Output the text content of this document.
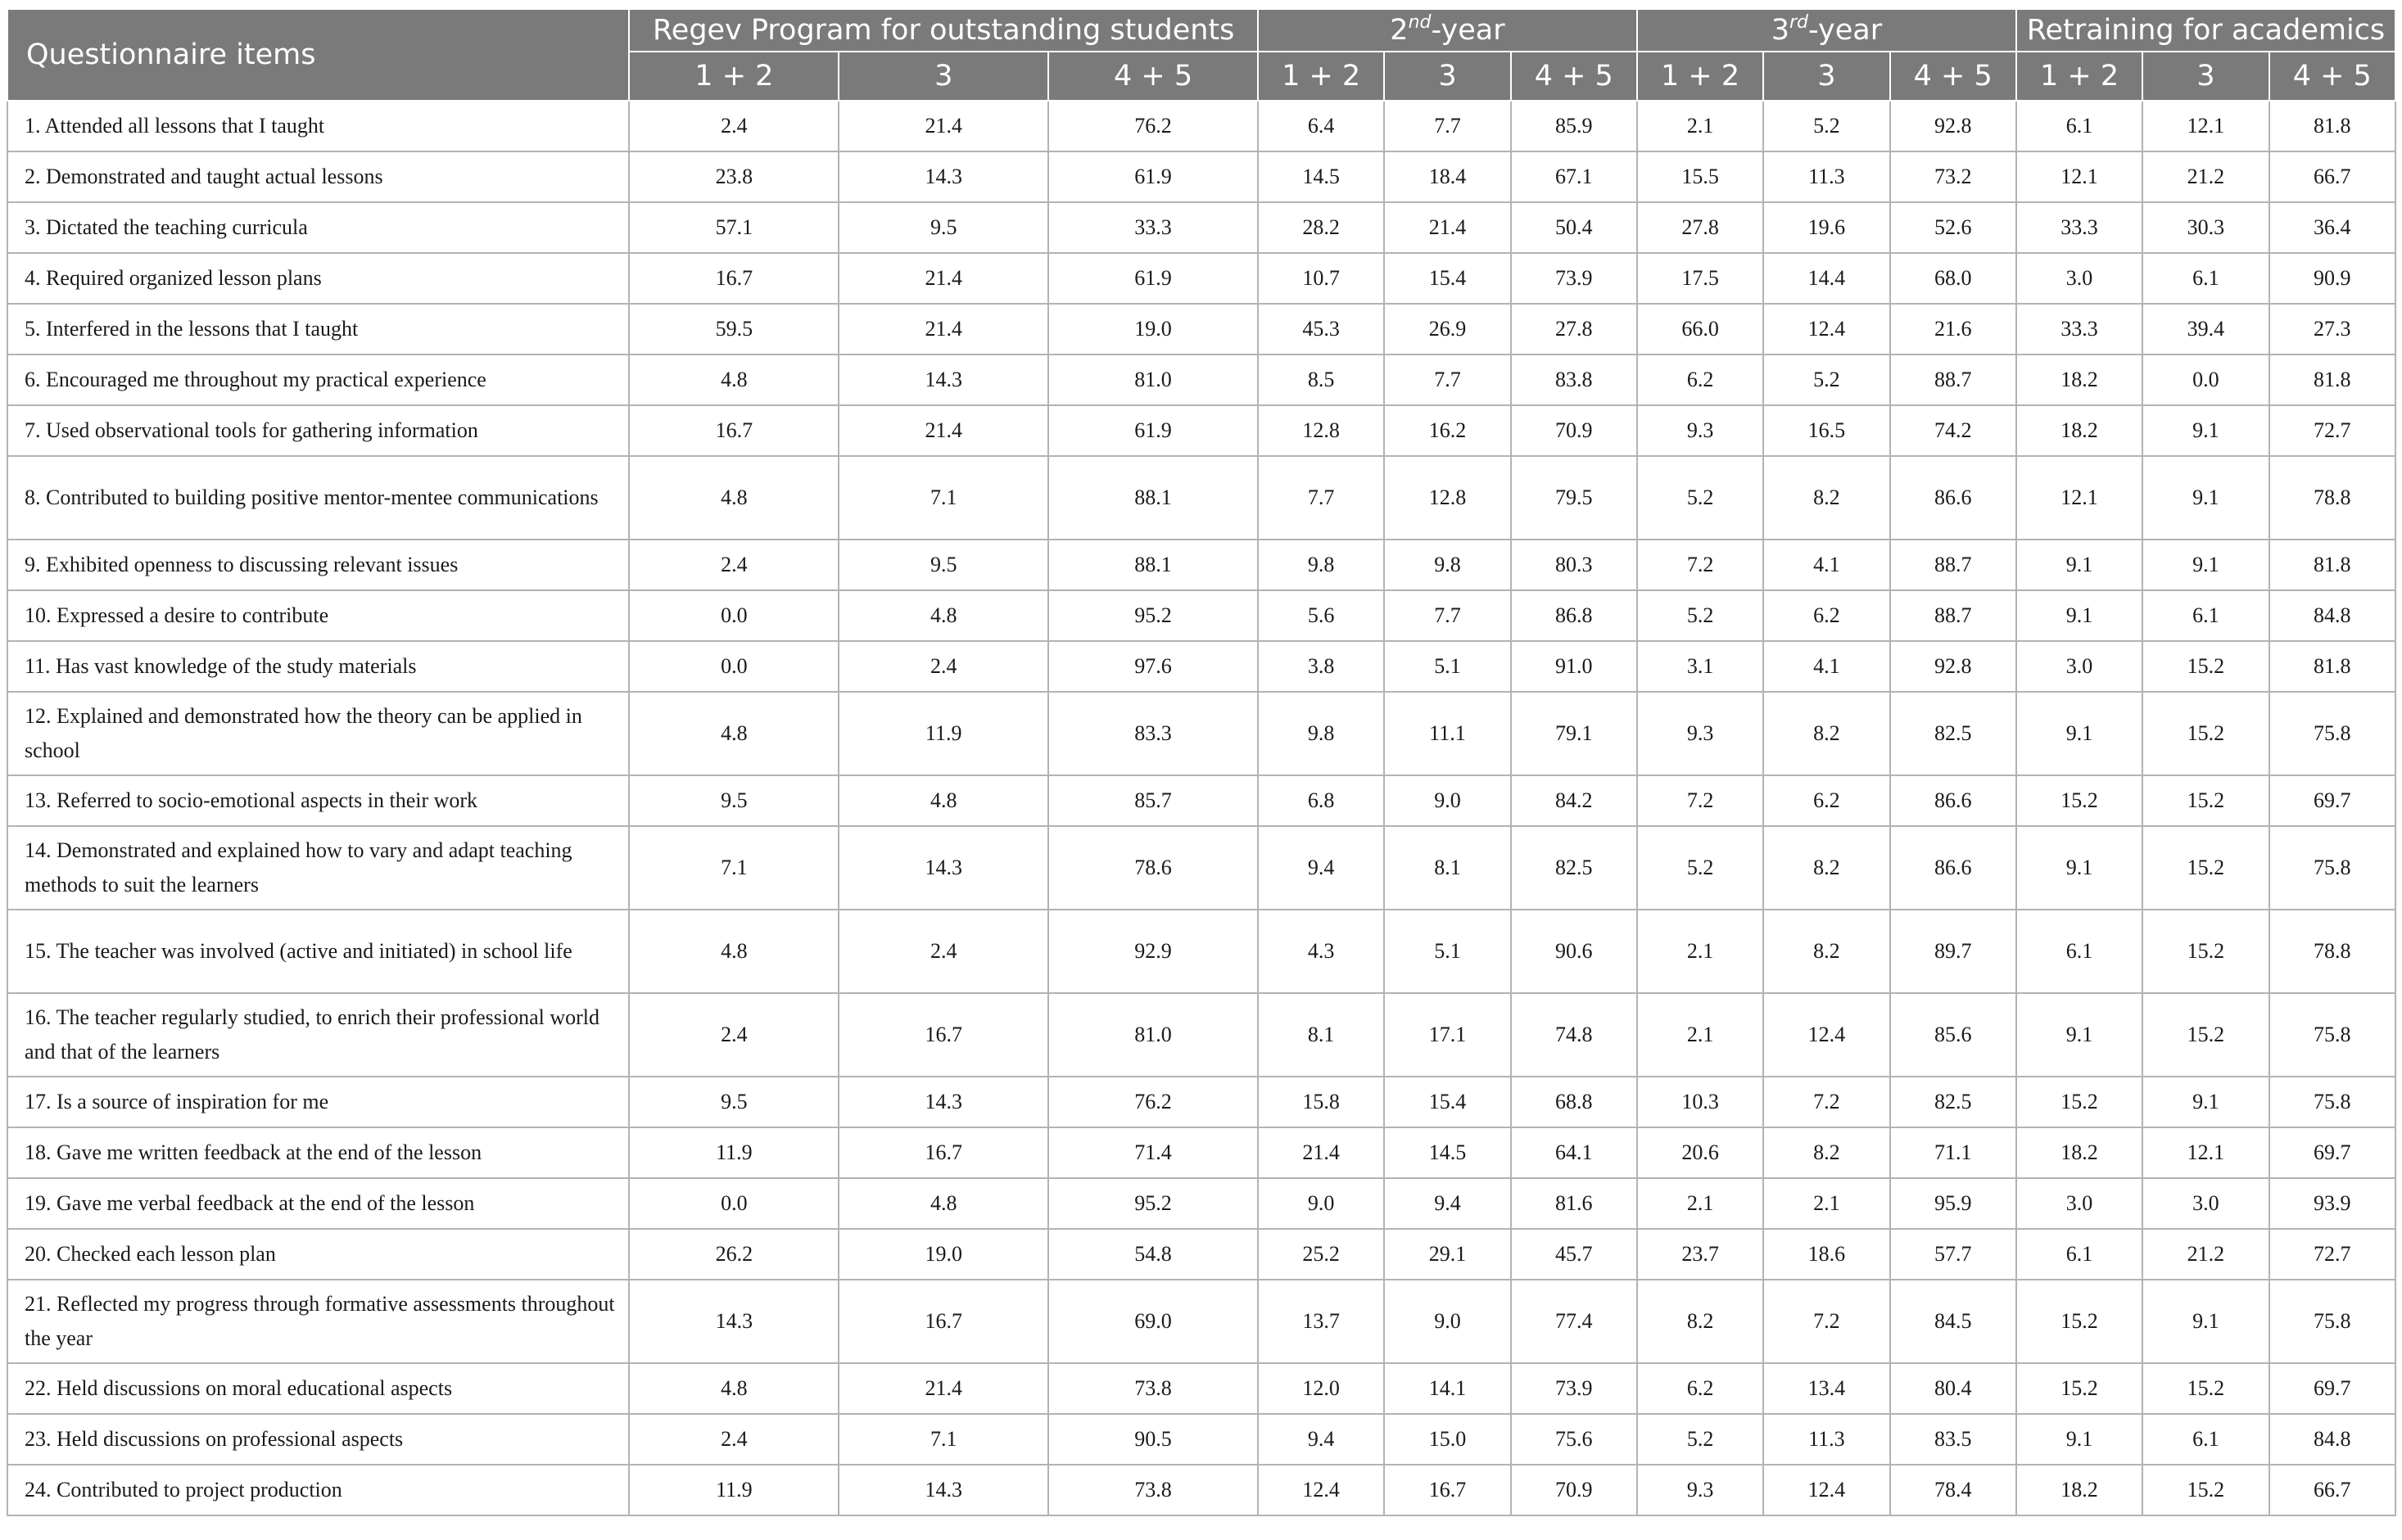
Questionnaire items	Regev Program for outstanding students			2nd-year			3rd-year			Retraining for academics		
	1 + 2	3	4 + 5	1 + 2	3	4 + 5	1 + 2	3	4 + 5	1 + 2	3	4 + 5
1. Attended all lessons that I taught	2.4	21.4	76.2	6.4	7.7	85.9	2.1	5.2	92.8	6.1	12.1	81.8
2. Demonstrated and taught actual lessons	23.8	14.3	61.9	14.5	18.4	67.1	15.5	11.3	73.2	12.1	21.2	66.7
3. Dictated the teaching curricula	57.1	9.5	33.3	28.2	21.4	50.4	27.8	19.6	52.6	33.3	30.3	36.4
4. Required organized lesson plans	16.7	21.4	61.9	10.7	15.4	73.9	17.5	14.4	68.0	3.0	6.1	90.9
5. Interfered in the lessons that I taught	59.5	21.4	19.0	45.3	26.9	27.8	66.0	12.4	21.6	33.3	39.4	27.3
6. Encouraged me throughout my practical experience	4.8	14.3	81.0	8.5	7.7	83.8	6.2	5.2	88.7	18.2	0.0	81.8
7. Used observational tools for gathering information	16.7	21.4	61.9	12.8	16.2	70.9	9.3	16.5	74.2	18.2	9.1	72.7
8. Contributed to building positive mentor-mentee communications	4.8	7.1	88.1	7.7	12.8	79.5	5.2	8.2	86.6	12.1	9.1	78.8
9. Exhibited openness to discussing relevant issues	2.4	9.5	88.1	9.8	9.8	80.3	7.2	4.1	88.7	9.1	9.1	81.8
10. Expressed a desire to contribute	0.0	4.8	95.2	5.6	7.7	86.8	5.2	6.2	88.7	9.1	6.1	84.8
11. Has vast knowledge of the study materials	0.0	2.4	97.6	3.8	5.1	91.0	3.1	4.1	92.8	3.0	15.2	81.8
12. Explained and demonstrated how the theory can be applied in school	4.8	11.9	83.3	9.8	11.1	79.1	9.3	8.2	82.5	9.1	15.2	75.8
13. Referred to socio-emotional aspects in their work	9.5	4.8	85.7	6.8	9.0	84.2	7.2	6.2	86.6	15.2	15.2	69.7
14. Demonstrated and explained how to vary and adapt teaching methods to suit the learners	7.1	14.3	78.6	9.4	8.1	82.5	5.2	8.2	86.6	9.1	15.2	75.8
15. The teacher was involved (active and initiated) in school life	4.8	2.4	92.9	4.3	5.1	90.6	2.1	8.2	89.7	6.1	15.2	78.8
16. The teacher regularly studied, to enrich their professional world and that of the learners	2.4	16.7	81.0	8.1	17.1	74.8	2.1	12.4	85.6	9.1	15.2	75.8
17. Is a source of inspiration for me	9.5	14.3	76.2	15.8	15.4	68.8	10.3	7.2	82.5	15.2	9.1	75.8
18. Gave me written feedback at the end of the lesson	11.9	16.7	71.4	21.4	14.5	64.1	20.6	8.2	71.1	18.2	12.1	69.7
19. Gave me verbal feedback at the end of the lesson	0.0	4.8	95.2	9.0	9.4	81.6	2.1	2.1	95.9	3.0	3.0	93.9
20. Checked each lesson plan	26.2	19.0	54.8	25.2	29.1	45.7	23.7	18.6	57.7	6.1	21.2	72.7
21. Reflected my progress through formative assessments throughout the year	14.3	16.7	69.0	13.7	9.0	77.4	8.2	7.2	84.5	15.2	9.1	75.8
22. Held discussions on moral educational aspects	4.8	21.4	73.8	12.0	14.1	73.9	6.2	13.4	80.4	15.2	15.2	69.7
23. Held discussions on professional aspects	2.4	7.1	90.5	9.4	15.0	75.6	5.2	11.3	83.5	9.1	6.1	84.8
24. Contributed to project production	11.9	14.3	73.8	12.4	16.7	70.9	9.3	12.4	78.4	18.2	15.2	66.7
